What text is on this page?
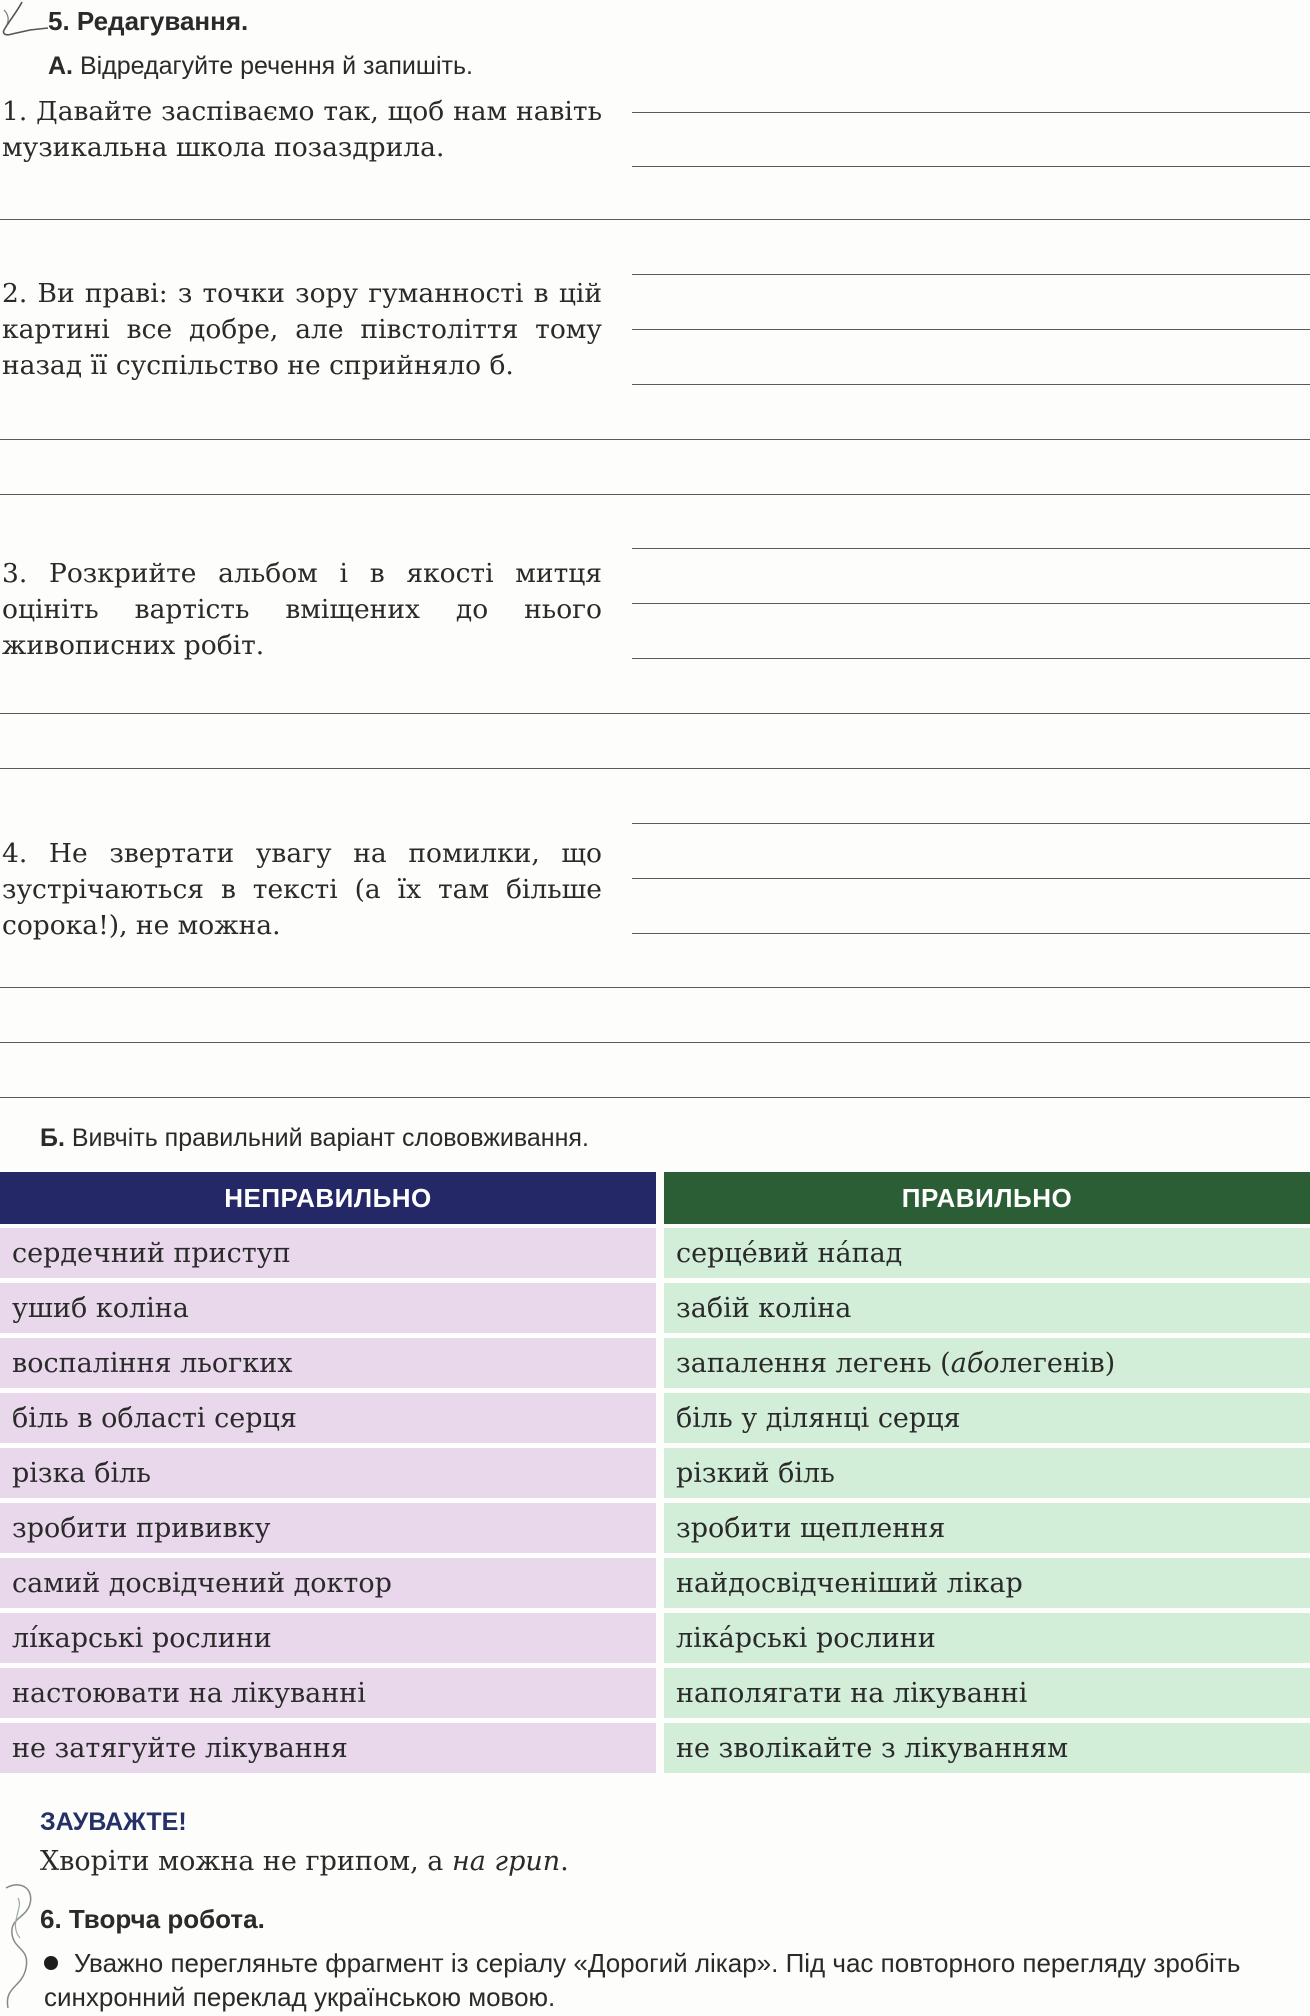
5. Редагування.
А. Відредагуйте речення й запишіть.
1. Давайте заспіваємо так, щоб нам навіть музикальна школа позаздрила.
2. Ви праві: з точки зору гуманності в цій картині все добре, але півстоліття тому назад її суспільство не сприйняло б.
3. Розкрийте альбом і в якості митця оцініть вартість вміщених до нього живописних робіт.
4. Не звертати увагу на помилки, що зустрічаються в тексті (а їх там більше сорока!), не можна.
Б. Вивчіть правильний варіант слововживання.
НЕПРАВИЛЬНО	ПРАВИЛЬНО
сердечний приступ	серце́вий на́пад
ушиб коліна	забій коліна
воспаління льогких	запалення легень ( або легенів)
біль в області серця	біль у ділянці серця
різка біль	різкий біль
зробити прививку	зробити щеплення
самий досвідчений доктор	найдосвідченіший лікар
лі́карські рослини	ліка́рські рослини
настоювати на лікуванні	наполягати на лікуванні
не затягуйте лікування	не зволікайте з лікуванням
ЗАУВАЖТЕ!
Хворіти можна не грипом, а на грип.
6. Творча робота.
Уважно перегляньте фрагмент із серіалу «Дорогий лікар». Під час повторного перегляду зробіть синхронний переклад українською мовою.
